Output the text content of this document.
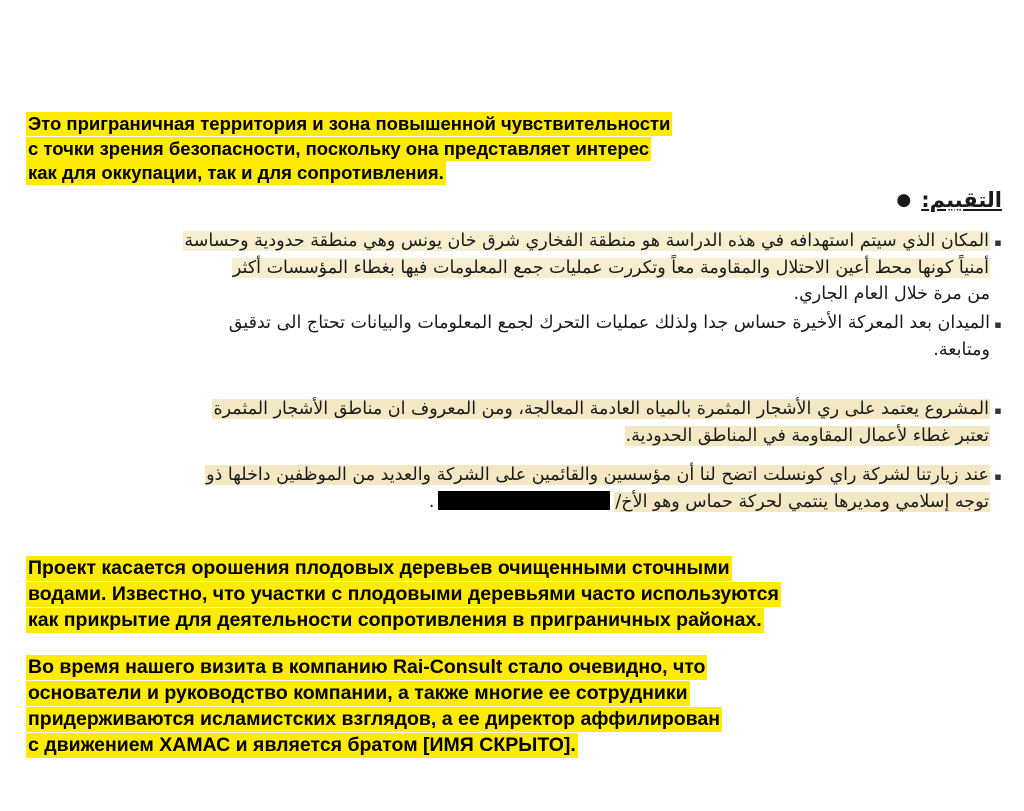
Это приграничная территория и зона повышенной чувствительности
с точки зрения безопасности, поскольку она представляет интерес
как для оккупации, так и для сопротивления.
التقييم:●
▪
المكان الذي سيتم استهدافه في هذه الدراسة هو منطقة الفخاري شرق خان يونس وهي منطقة حدودية وحساسة
أمنياً كونها محط أعين الاحتلال والمقاومة معاً وتكررت عمليات جمع المعلومات فيها بغطاء المؤسسات أكثر
من مرة خلال العام الجاري.
▪
الميدان بعد المعركة الأخيرة حساس جدا ولذلك عمليات التحرك لجمع المعلومات والبيانات تحتاج الى تدقيق
ومتابعة.
▪
المشروع يعتمد على ري الأشجار المثمرة بالمياه العادمة المعالجة، ومن المعروف ان مناطق الأشجار المثمرة
تعتبر غطاء لأعمال المقاومة في المناطق الحدودية.
▪
عند زيارتنا لشركة راي كونسلت اتضح لنا أن مؤسسين والقائمين على الشركة والعديد من الموظفين داخلها ذو
توجه إسلامي ومديرها ينتمي لحركة حماس وهو الأخ/.
Проект касается орошения плодовых деревьев очищенными сточными
водами. Известно, что участки с плодовыми деревьями часто используются
как прикрытие для деятельности сопротивления в приграничных районах.
Во время нашего визита в компанию Rai-Consult стало очевидно, что
основатели и руководство компании, а также многие ее сотрудники
придерживаются исламистских взглядов, а ее директор аффилирован
с движением ХАМАС и является братом [ИМЯ СКРЫТО].
